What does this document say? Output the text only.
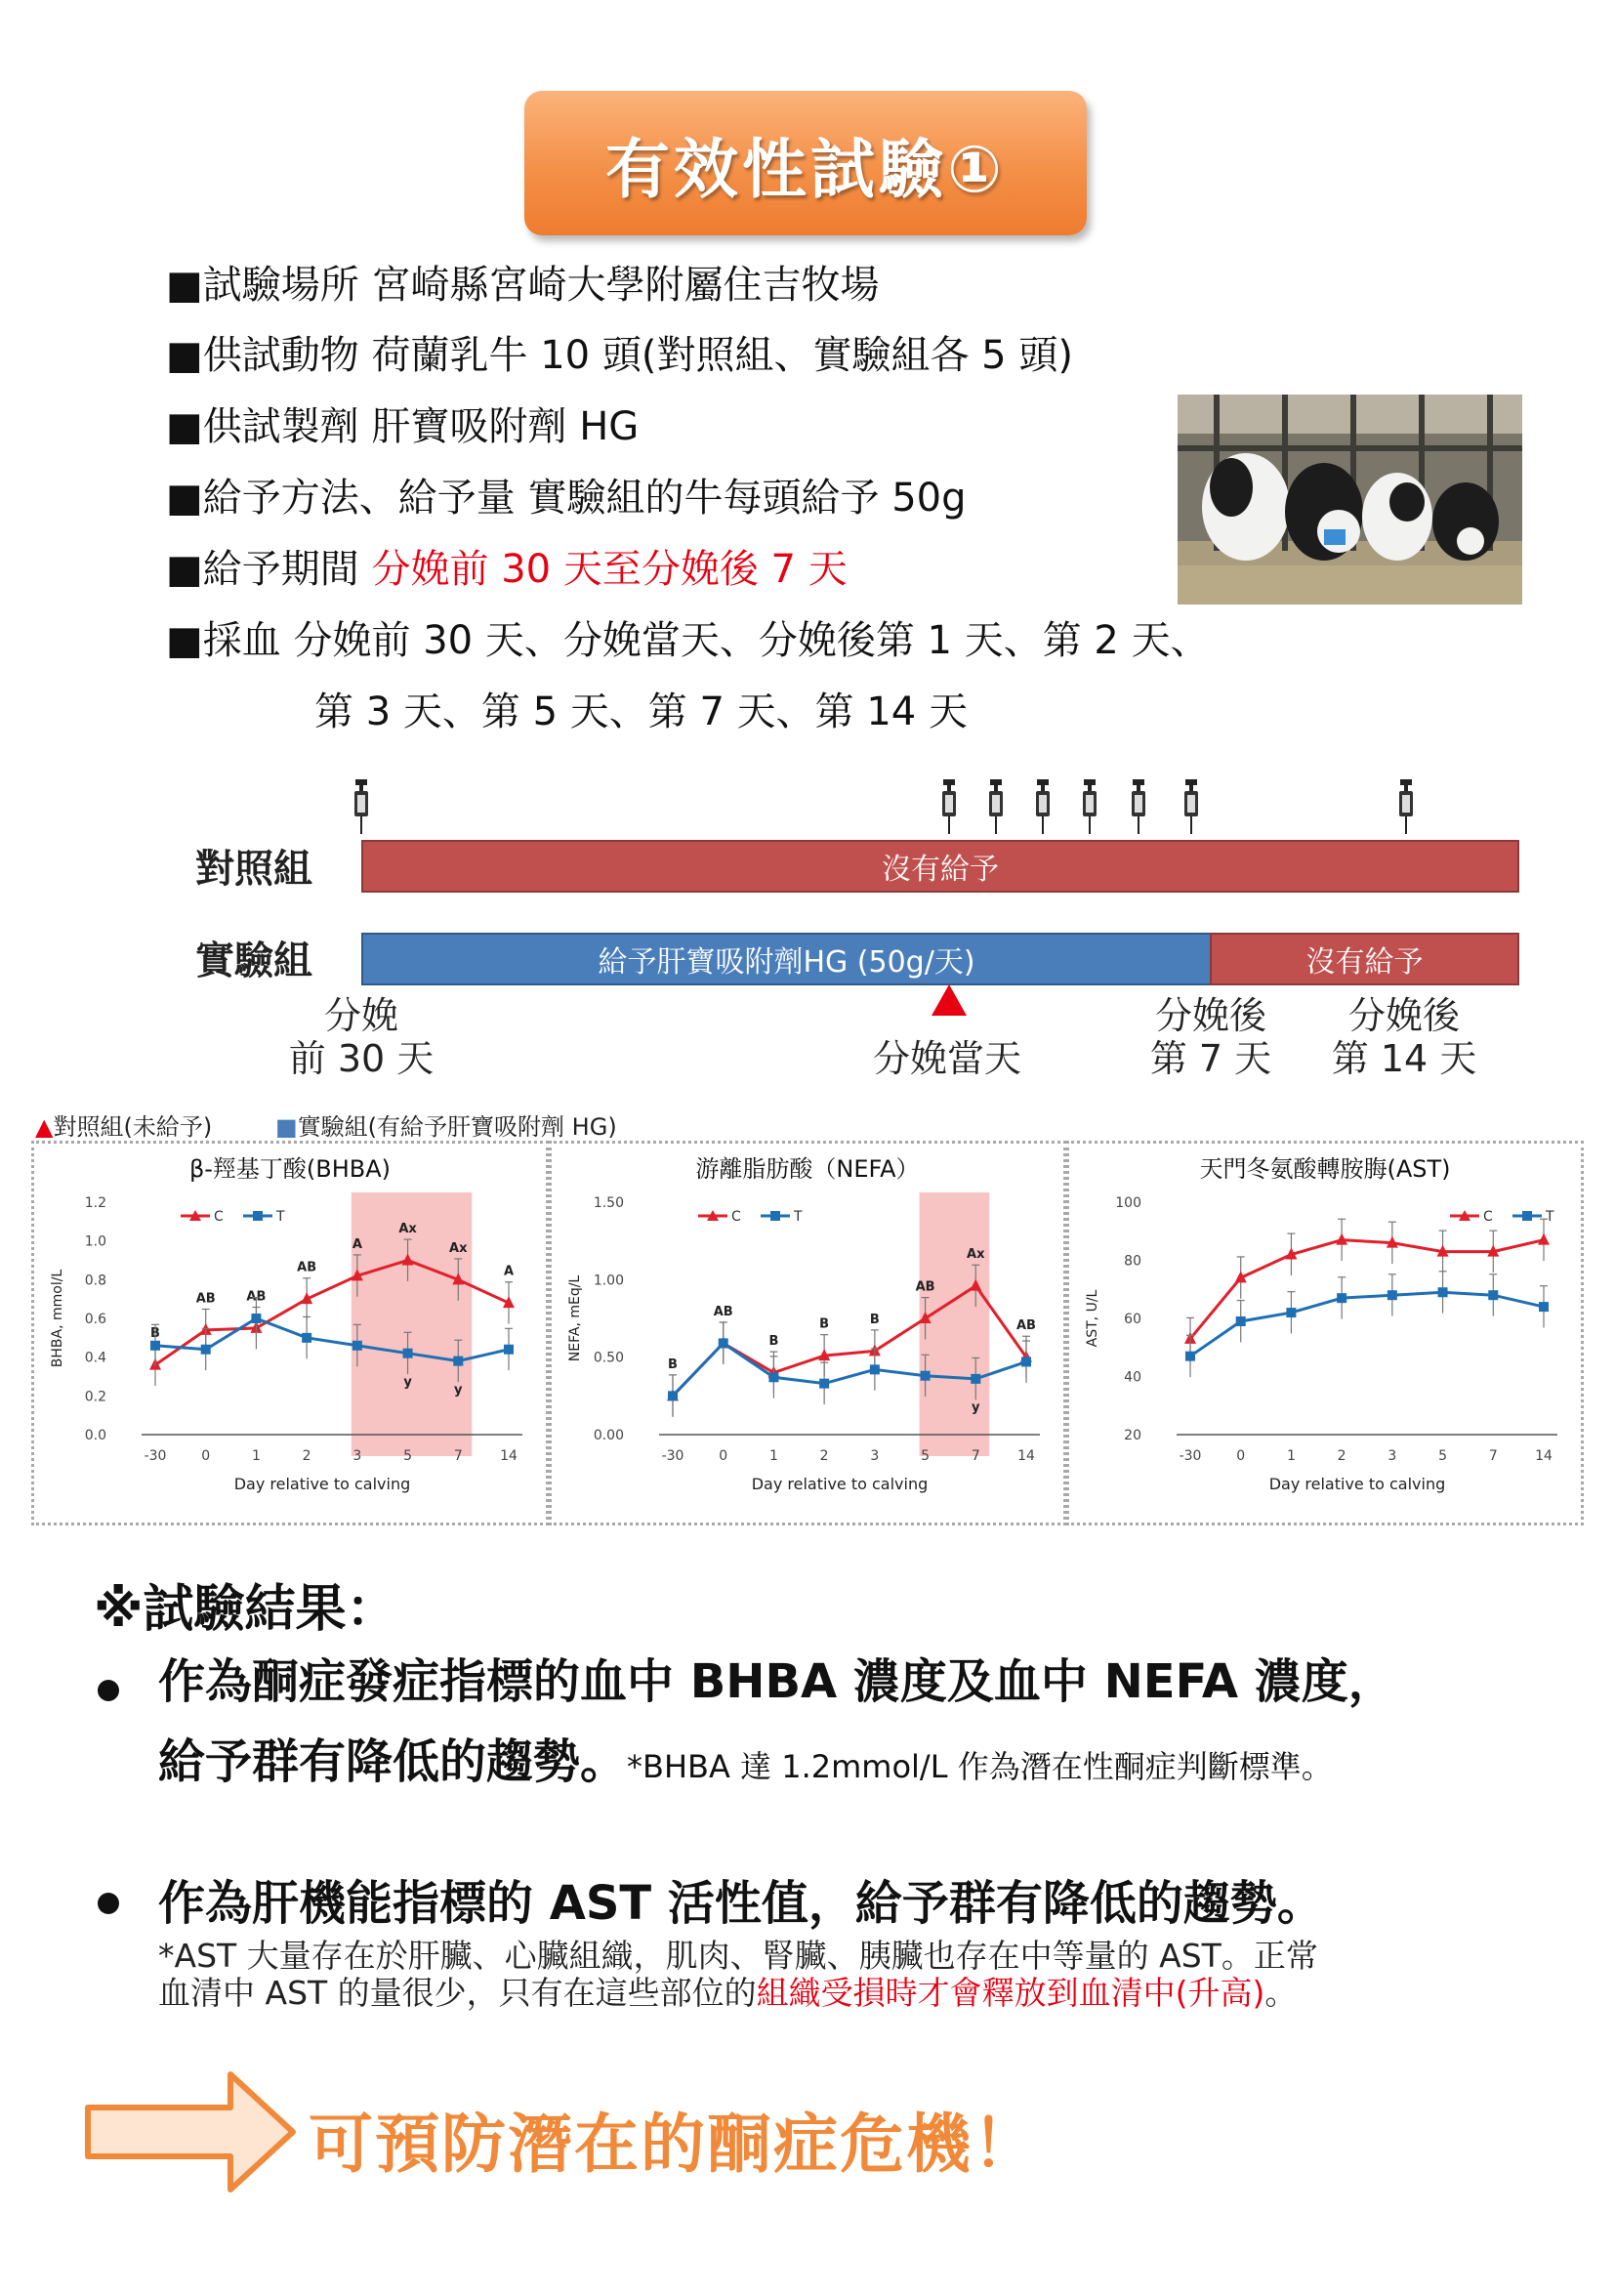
有效性試驗①
■試驗場所 宮崎縣宮崎大學附屬住吉牧場
■供試動物 荷蘭乳牛 10 頭(對照組、實驗組各 5 頭)
■供試製劑 肝寶吸附劑 HG
■給予方法、給予量 實驗組的牛每頭給予 50g
■給予期間 分娩前 30 天至分娩後 7 天
■採血 分娩前 30 天、分娩當天、分娩後第 1 天、第 2 天、
第 3 天、第 5 天、第 7 天、第 14 天
對照組	沒有給予
實驗組	給予肝寶吸附劑HG (50g/天)	沒有給予
分娩
前 30 天	分娩當天
分娩後
第 7 天
分娩後
第 14 天
▲對照組(未給予)	■實驗組(有給予肝寶吸附劑 HG)
β-羥基丁酸(BHBA)
0.0
0.2
0.4
0.6
0.8
1.0
1.2
BHBA, mmol/L
-30	0	1	2	3	5	7	14
Day relative to calving
C	T
B
AB AB
AB
A
Ax
Ax
A
y
y
游離脂肪酸（NEFA）
0.00
0.50
1.00
1.50
NEFA, mEq/L
-30	0	1	2	3	5	7	14
Day relative to calving
C	T
B
AB
B
B	B
AB
Ax
AB
y
天門冬氨酸轉胺脢(AST)
20
40
60
80
100
AST, U/L
-30	0	1	2	3	5	7	14
Day relative to calving
C	T
※試驗結果：
作為酮症發症指標的血中 BHBA 濃度及血中 NEFA 濃度，
給予群有降低的趨勢。*BHBA 達 1.2mmol/L 作為潛在性酮症判斷標準。
作為肝機能指標的 AST 活性值，給予群有降低的趨勢。
*AST 大量存在於肝臟、心臟組織，肌肉、腎臟、胰臟也存在中等量的 AST。正常
血清中 AST 的量很少，只有在這些部位的組織受損時才會釋放到血清中(升高)。
可預防潛在的酮症危機！
